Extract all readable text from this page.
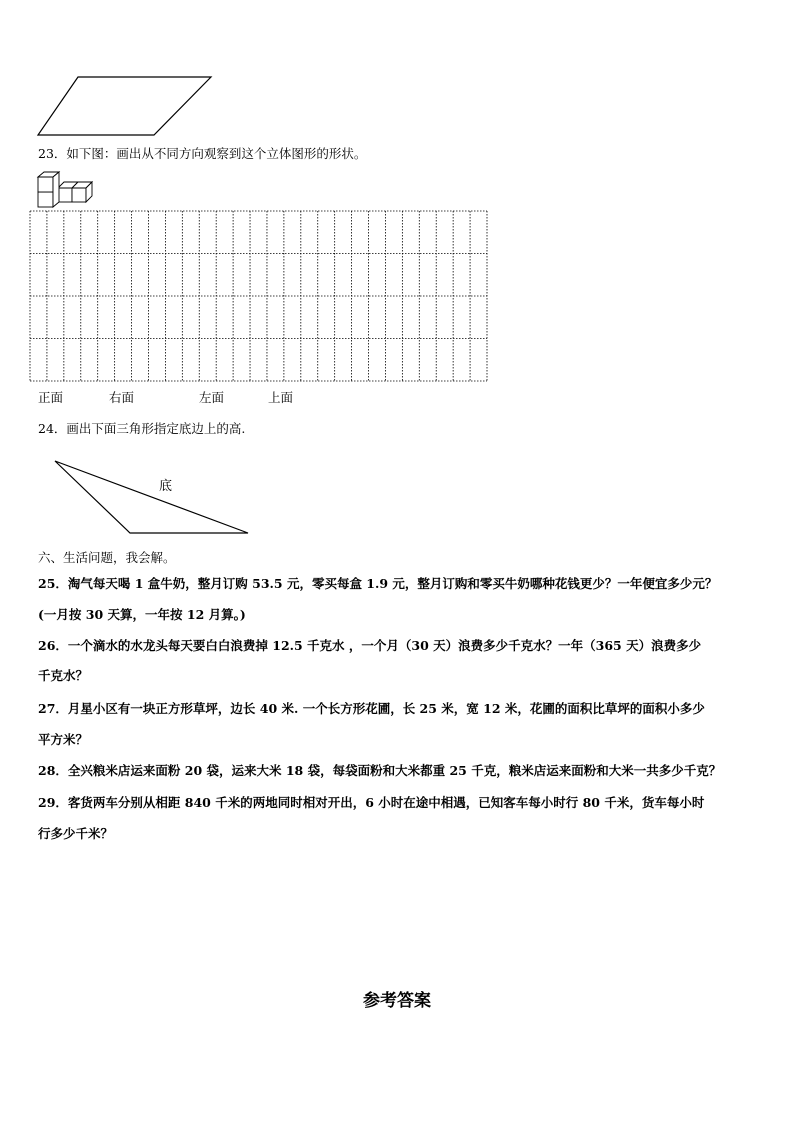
23．如下图：画出从不同方向观察到这个立体图形的形状。
正面	右面	左面	上面
24．画出下面三角形指定底边上的高.
底
六、生活问题，我会解。
25．淘气每天喝 1 盒牛奶，整月订购 53.5 元，零买每盒 1.9 元，整月订购和零买牛奶哪种花钱更少？一年便宜多少元？
(一月按 30 天算，一年按 12 月算。)
26．一个滴水的水龙头每天要白白浪费掉 12.5 千克水 ，一个月（30 天）浪费多少千克水？一年（365 天）浪费多少
千克水？
27．月星小区有一块正方形草坪，边长 40 米. 一个长方形花圃，长 25 米，宽 12 米，花圃的面积比草坪的面积小多少
平方米？
28．全兴粮米店运来面粉 20 袋，运来大米 18 袋，每袋面粉和大米都重 25 千克，粮米店运来面粉和大米一共多少千克？
29．客货两车分别从相距 840 千米的两地同时相对开出，6 小时在途中相遇，已知客车每小时行 80 千米，货车每小时
行多少千米？
参考答案
